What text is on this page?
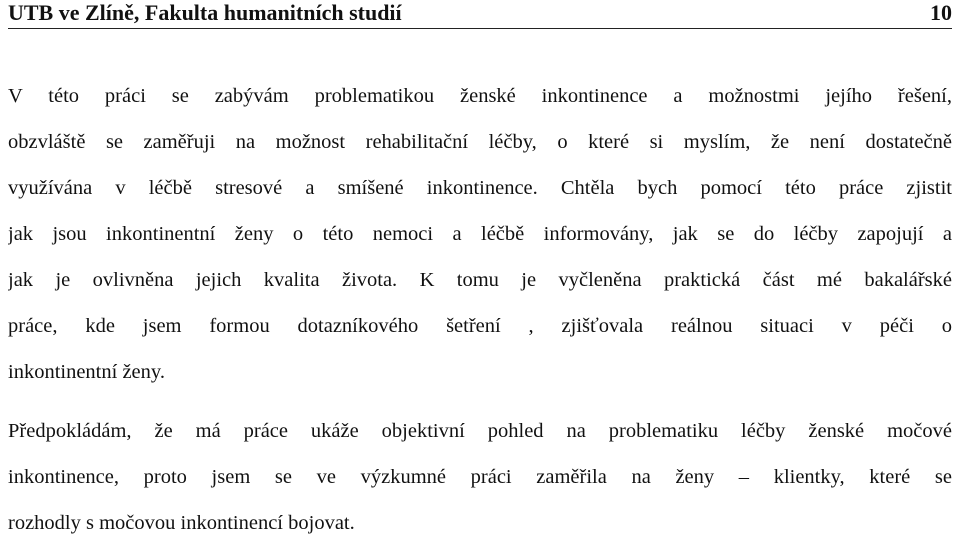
UTB ve Zlíně, Fakulta humanitních studií	10
V této práci se zabývám problematikou ženské inkontinence a možnostmi jejího řešení,
obzvláště se zaměřuji na možnost rehabilitační léčby, o které si myslím, že není dostatečně
využívána v léčbě stresové a smíšené inkontinence. Chtěla bych pomocí této práce zjistit
jak jsou inkontinentní ženy o této nemoci a léčbě informovány, jak se do léčby zapojují a
jak je ovlivněna jejich kvalita života. K tomu je vyčleněna praktická část mé bakalářské
práce, kde jsem formou dotazníkového šetření , zjišťovala reálnou situaci v péči o
inkontinentní ženy.
Předpokládám, že má práce ukáže objektivní pohled na problematiku léčby ženské močové
inkontinence, proto jsem se ve výzkumné práci zaměřila na ženy – klientky, které se
rozhodly s močovou inkontinencí bojovat.
